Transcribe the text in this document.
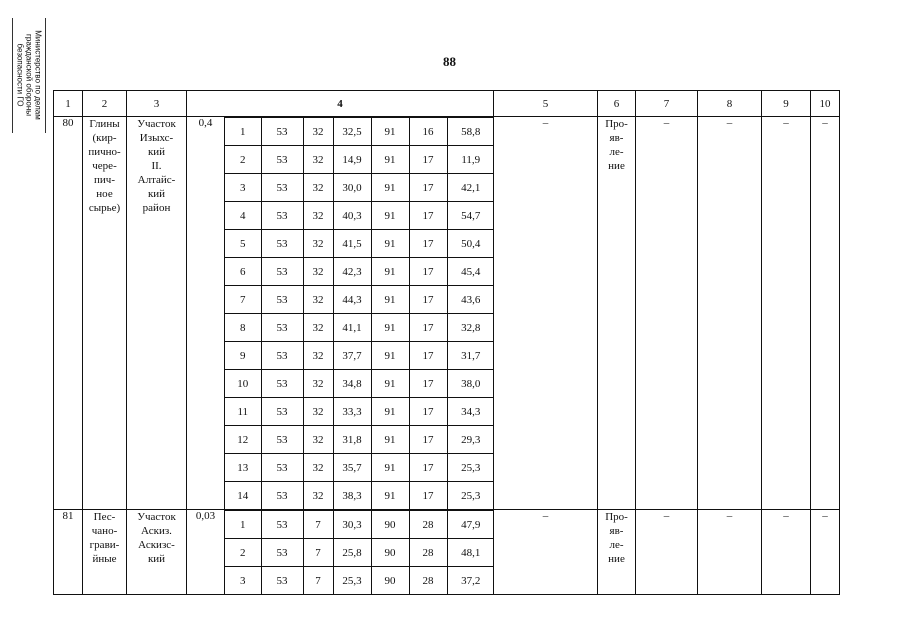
88
Министерство по делам
гражданской обороны
безопасности ГО	1	2	3	4	5	6	7	8	9	10
80	Глины
(кир-
пично-
чере-
пич-
ное
сырье)

Участок
Изыхс-
кий
II.
Алтайс-
кий
район
	0,4	
1	53	32	32,5	91	16	58,8
2	53	32	14,9	91	17	11,9
3	53	32	30,0	91	17	42,1
4	53	32	40,3	91	17	54,7
5	53	32	41,5	91	17	50,4
6	53	32	42,3	91	17	45,4
7	53	32	44,3	91	17	43,6
8	53	32	41,1	91	17	32,8
9	53	32	37,7	91	17	31,7
10	53	32	34,8	91	17	38,0
11	53	32	33,3	91	17	34,3
12	53	32	31,8	91	17	29,3
13	53	32	35,7	91	17	25,3
14	53	32	38,3	91	17	25,3
	–	Про-
яв-
ле-
ние
	–	–	–	–
81	Пес-
чано-
грави-
йные

Участок
Аскиз.
Аскизс-
кий
	0,03	
1	53	7	30,3	90	28	47,9
2	53	7	25,8	90	28	48,1
3	53	7	25,3	90	28	37,2
	–	Про-
яв-
ле-
ние
	–	–	–	–
